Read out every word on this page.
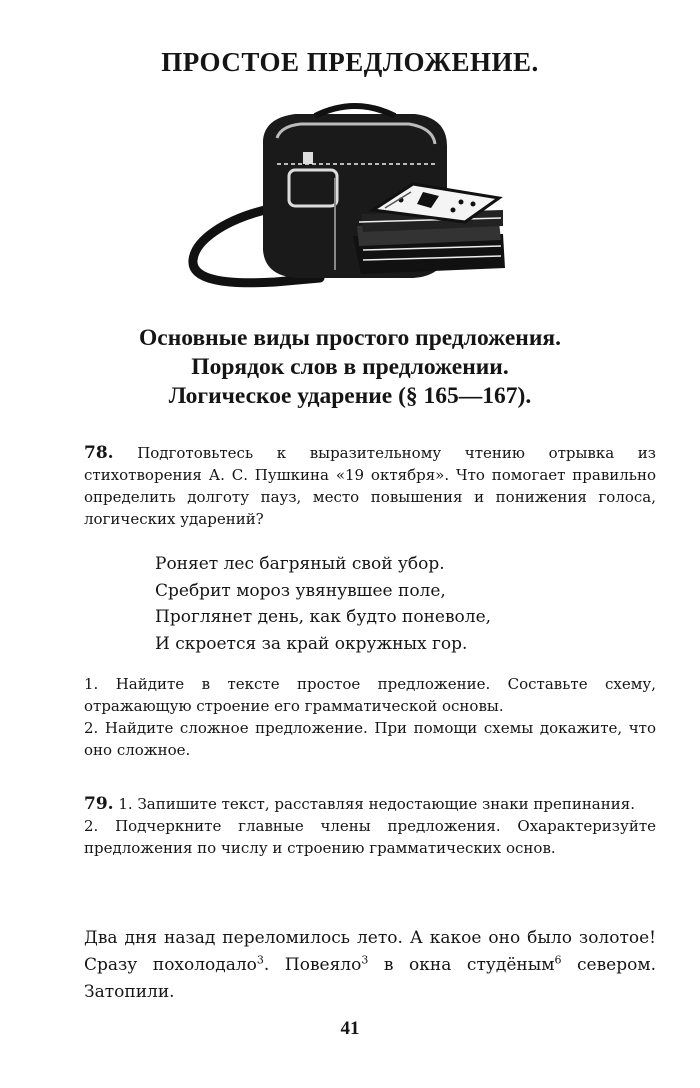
ПРОСТОЕ ПРЕДЛОЖЕНИЕ.
Основные виды простого предложения.
Порядок слов в предложении.
Логическое ударение (§ 165—167).
78. Подготовьтесь к выразительному чтению отрывка из стихотворения А. С. Пушкина «19 октября». Что помогает правильно определить долготу пауз, место повышения и понижения голоса, логических ударений?
Роняет лес багряный свой убор.
Сребрит мороз увянувшее поле,
Проглянет день, как будто поневоле,
И скроется за край окружных гор.
1. Найдите в тексте простое предложение. Составьте схему, отражающую строение его грамматической основы.
2. Найдите сложное предложение. При помощи схемы докажите, что оно сложное.
79. 1. Запишите текст, расставляя недостающие знаки препинания.
2. Подчеркните главные члены предложения. Охарактеризуйте предложения по числу и строению грамматических основ.
Два дня назад переломилось лето. А какое оно было золотое! Сразу похолодало$^3$. Повеяло$^3$ в окна студёным$^6$ севером. Затопили.
41
